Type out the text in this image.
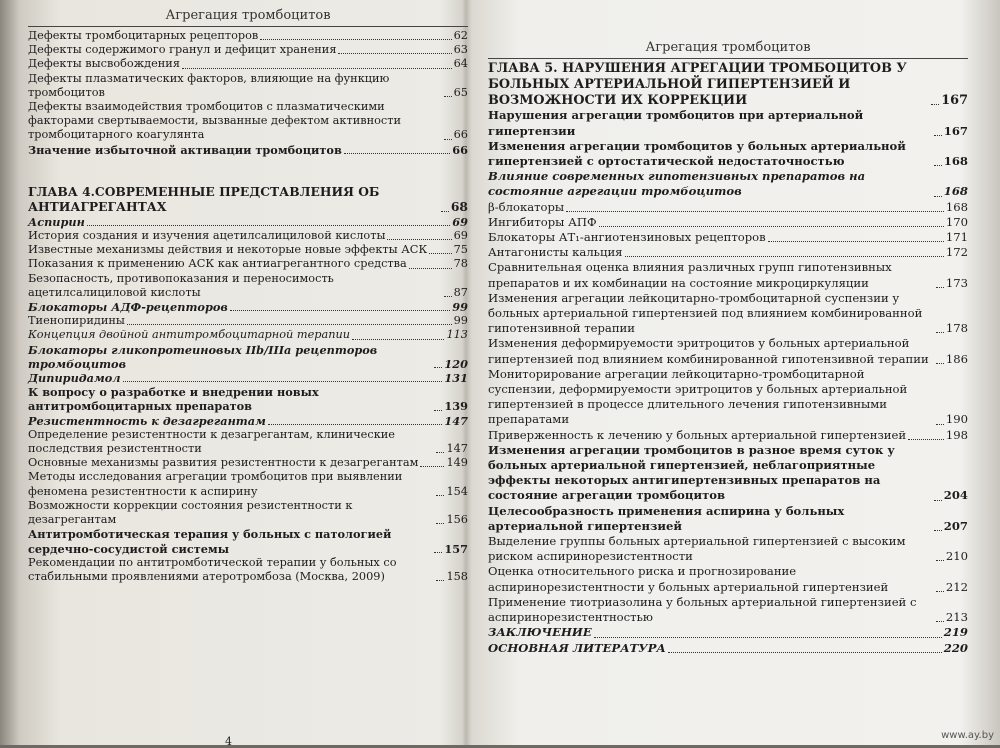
Агрегация тромбоцитов
Дефекты тромбоцитарных рецепторов	62
Дефекты содержимого гранул и дефицит хранения	63
Дефекты высвобождения	64
Дефекты плазматических факторов, влияющие на функцию тромбоцитов	65
Дефекты взаимодействия тромбоцитов с плазматическими факторами свертываемости, вызванные дефектом активности тромбоцитарного коагулянта	66
Значение избыточной активации тромбоцитов	66
ГЛАВА 4.СОВРЕМЕННЫЕ ПРЕДСТАВЛЕНИЯ ОБ АНТИАГРЕГАНТАХ	68
Аспирин	69
История создания и изучения ацетилсалициловой кислоты	69
Известные механизмы действия и некоторые новые эффекты АСК 75
Показания к применению АСК как антиагрегантного средства	78
Безопасность, противопоказания и переносимость ацетилсалициловой кислоты	87
Блокаторы АДФ-рецепторов	99
Тиенопиридины	99
Концепция двойной антитромбоцитарной терапии	113
Блокаторы гликопротеиновых IIb/IIIa рецепторов тромбоцитов	120
Дипиридамол	131
К вопросу о разработке и внедрении новых антитромбоцитарных препаратов	139
Резистентность к дезагрегантам	147
Определение резистентности к дезагрегантам, клинические последствия резистентности	147
Основные механизмы развития резистентности к дезагрегантам 149
Методы исследования агрегации тромбоцитов при выявлении феномена резистентности к аспирину	154
Возможности коррекции состояния резистентности к дезагрегантам	156
Антитромботическая терапия у больных с патологией сердечно-сосудистой системы	157
Рекомендации по антитромботической терапии у больных со стабильными проявлениями атеротромбоза (Москва, 2009)	158
4
Агрегация тромбоцитов
ГЛАВА 5. НАРУШЕНИЯ АГРЕГАЦИИ ТРОМБОЦИТОВ У БОЛЬНЫХ АРТЕРИАЛЬНОЙ ГИПЕРТЕНЗИЕЙ И ВОЗМОЖНОСТИ ИХ КОРРЕКЦИИ	167
Нарушения агрегации тромбоцитов при артериальной гипертензии	167
Изменения агрегации тромбоцитов у больных артериальной гипертензией с ортостатической недостаточностью	168
Влияние современных гипотензивных препаратов на состояние агрегации тромбоцитов	168
β-блокаторы	168
Ингибиторы АПФ	170
Блокаторы АТ₁-ангиотензиновых рецепторов	171
Антагонисты кальция	172
Сравнительная оценка влияния различных групп гипотензивных препаратов и их комбинации на состояние микроциркуляции	173
Изменения агрегации лейкоцитарно-тромбоцитарной суспензии у больных артериальной гипертензией под влиянием комбинированной гипотензивной терапии	178
Изменения деформируемости эритроцитов у больных артериальной гипертензией под влиянием комбинированной гипотензивной терапии	186
Мониторирование агрегации лейкоцитарно-тромбоцитарной суспензии, деформируемости эритроцитов у больных артериальной гипертензией в процессе длительного лечения гипотензивными препаратами	190
Приверженность к лечению у больных артериальной гипертензией	198
Изменения агрегации тромбоцитов в разное время суток у больных артериальной гипертензией, неблагоприятные эффекты некоторых антигипертензивных препаратов на состояние агрегации тромбоцитов	204
Целесообразность применения аспирина у больных артериальной гипертензией	207
Выделение группы больных артериальной гипертензией с высоким риском аспиринорезистентности	210
Оценка относительного риска и прогнозирование аспиринорезистентности у больных артериальной гипертензией	212
Применение тиотриазолина у больных артериальной гипертензией с аспиринорезистентностью	213
ЗАКЛЮЧЕНИЕ	219
ОСНОВНАЯ ЛИТЕРАТУРА	220
www.ay.by
